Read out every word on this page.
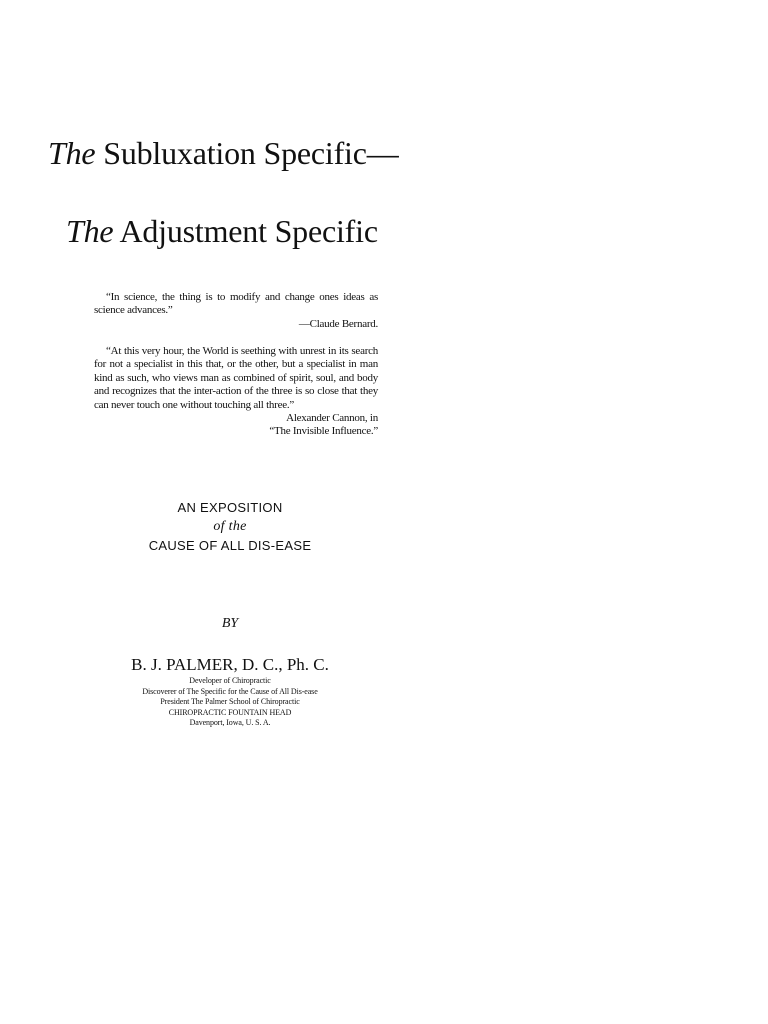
The Subluxation Specific—
The Adjustment Specific
“In science, the thing is to modify and change ones ideas as science advances.”
—Claude Bernard.
“At this very hour, the World is seething with unrest in its search for not a specialist in this that, or the other, but a specialist in man kind as such, who views man as combined of spirit, soul, and body and recognizes that the inter-action of the three is so close that they can never touch one without touching all three.”
Alexander Cannon, in
“The Invisible Influence.”
AN EXPOSITION
of the
CAUSE OF ALL DIS-EASE
BY
B. J. PALMER, D. C., Ph. C.
Developer of Chiropractic
Discoverer of The Specific for the Cause of All Dis-ease
President The Palmer School of Chiropractic
CHIROPRACTIC FOUNTAIN HEAD
Davenport, Iowa, U. S. A.
